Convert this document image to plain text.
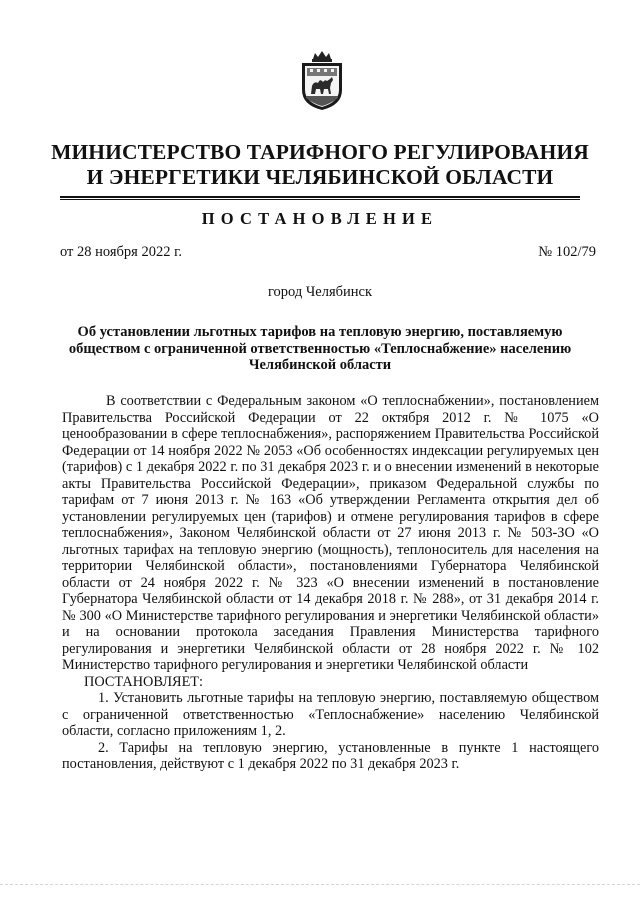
МИНИСТЕРСТВО ТАРИФНОГО РЕГУЛИРОВАНИЯ
И ЭНЕРГЕТИКИ ЧЕЛЯБИНСКОЙ ОБЛАСТИ
ПОСТАНОВЛЕНИЕ
от 28 ноября 2022 г.	№ 102/79
город Челябинск
Об установлении льготных тарифов на тепловую энергию, поставляемую обществом с ограниченной ответственностью «Теплоснабжение» населению Челябинской области

В соответствии с Федеральным законом «О теплоснабжении», постановлением Правительства Российской Федерации от 22 октября 2012 г. № 1075 «О ценообразовании в сфере теплоснабжения», распоряжением Правительства Российской Федерации от 14 ноября 2022 № 2053 «Об особенностях индексации регулируемых цен (тарифов) с 1 декабря 2022 г. по 31 декабря 2023 г. и о внесении изменений в некоторые акты Правительства Российской Федерации», приказом Федеральной службы по тарифам от 7 июня 2013 г. № 163 «Об утверждении Регламента открытия дел об установлении регулируемых цен (тарифов) и отмене регулирования тарифов в сфере теплоснабжения», Законом Челябинской области от 27 июня 2013 г. № 503-ЗО «О льготных тарифах на тепловую энергию (мощность), теплоноситель для населения на территории Челябинской области», постановлениями Губернатора Челябинской области от 24 ноября 2022 г. № 323 «О внесении изменений в постановление Губернатора Челябинской области от 14 декабря 2018 г. № 288», от 31 декабря 2014 г. № 300 «О Министерстве тарифного регулирования и энергетики Челябинской области» и на основании протокола заседания Правления Министерства тарифного регулирования и энергетики Челябинской области от 28 ноября 2022 г. № 102 Министерство тарифного регулирования и энергетики Челябинской области

ПОСТАНОВЛЯЕТ:

1. Установить льготные тарифы на тепловую энергию, поставляемую обществом с ограниченной ответственностью «Теплоснабжение» населению Челябинской области, согласно приложениям 1, 2.

2. Тарифы на тепловую энергию, установленные в пункте 1 настоящего постановления, действуют с 1 декабря 2022 по 31 декабря 2023 г.
